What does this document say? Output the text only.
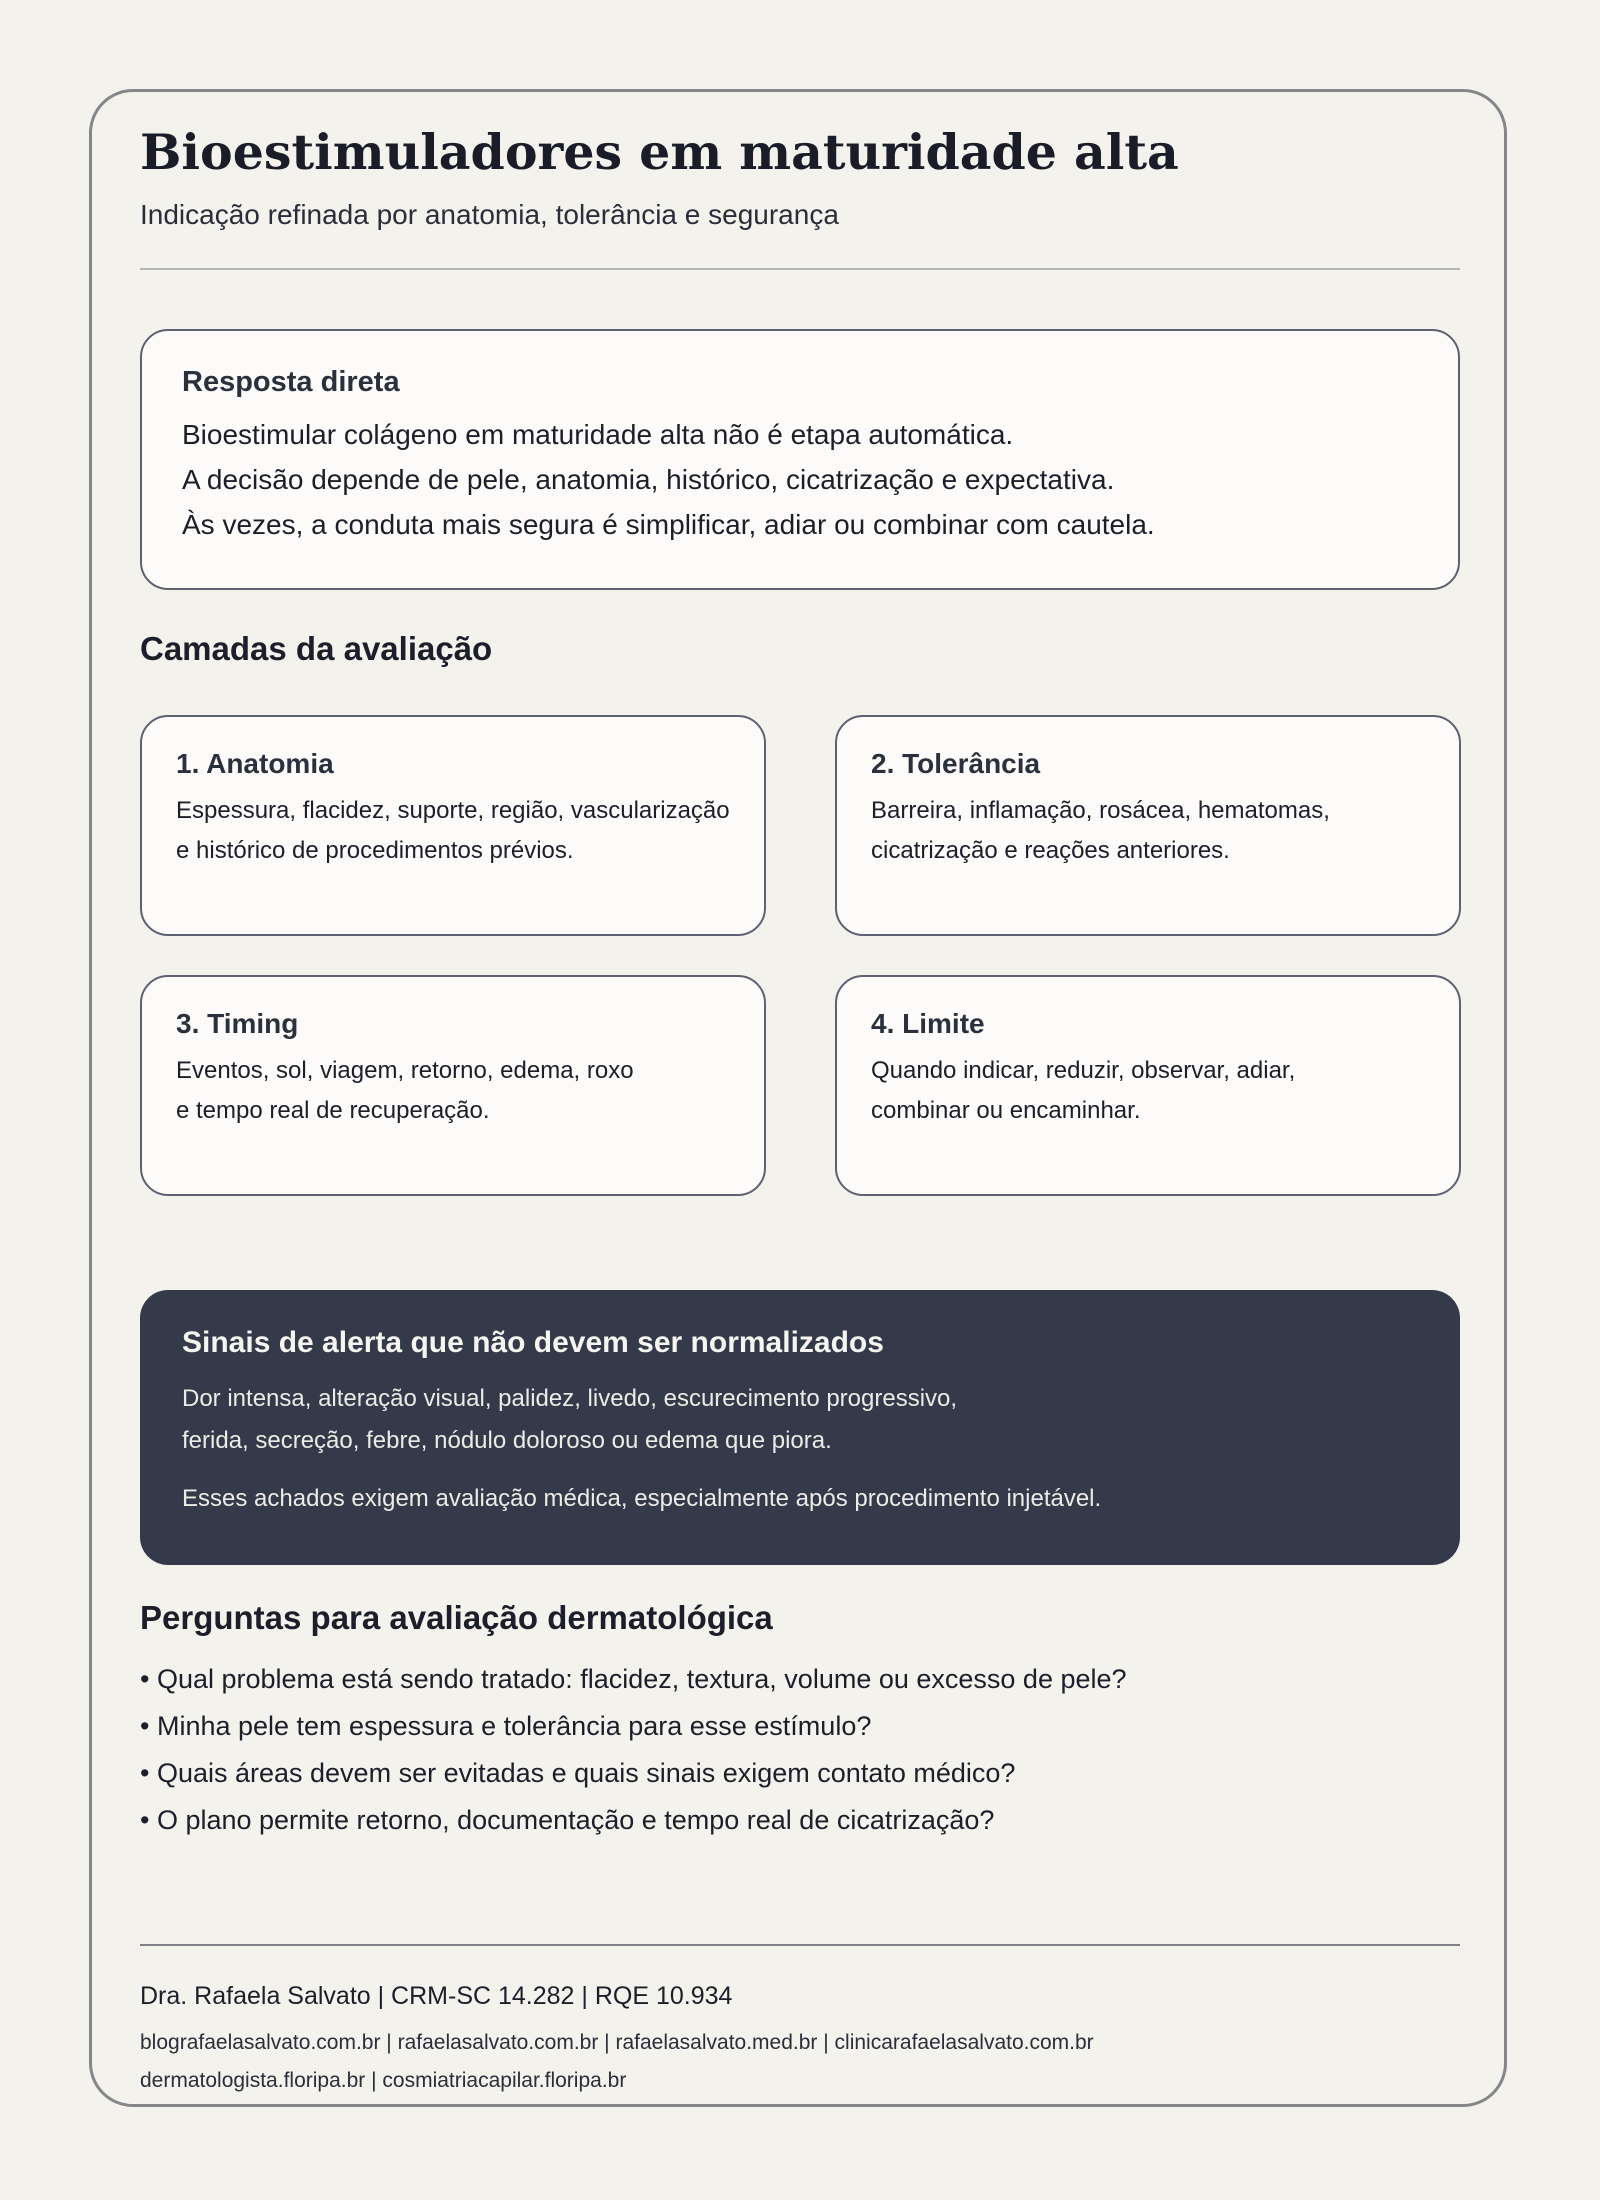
Bioestimuladores em maturidade alta
Indicação refinada por anatomia, tolerância e segurança
Resposta direta
Bioestimular colágeno em maturidade alta não é etapa automática.
A decisão depende de pele, anatomia, histórico, cicatrização e expectativa.
Às vezes, a conduta mais segura é simplificar, adiar ou combinar com cautela.
Camadas da avaliação
1. Anatomia
Espessura, flacidez, suporte, região, vascularização
e histórico de procedimentos prévios.
2. Tolerância
Barreira, inflamação, rosácea, hematomas,
cicatrização e reações anteriores.
3. Timing
Eventos, sol, viagem, retorno, edema, roxo
e tempo real de recuperação.
4. Limite
Quando indicar, reduzir, observar, adiar,
combinar ou encaminhar.
Sinais de alerta que não devem ser normalizados
Dor intensa, alteração visual, palidez, livedo, escurecimento progressivo,
ferida, secreção, febre, nódulo doloroso ou edema que piora.
Esses achados exigem avaliação médica, especialmente após procedimento injetável.
Perguntas para avaliação dermatológica
• Qual problema está sendo tratado: flacidez, textura, volume ou excesso de pele?
• Minha pele tem espessura e tolerância para esse estímulo?
• Quais áreas devem ser evitadas e quais sinais exigem contato médico?
• O plano permite retorno, documentação e tempo real de cicatrização?
Dra. Rafaela Salvato | CRM-SC 14.282 | RQE 10.934
blografaelasalvato.com.br | rafaelasalvato.com.br | rafaelasalvato.med.br | clinicarafaelasalvato.com.br
dermatologista.floripa.br | cosmiatriacapilar.floripa.br
